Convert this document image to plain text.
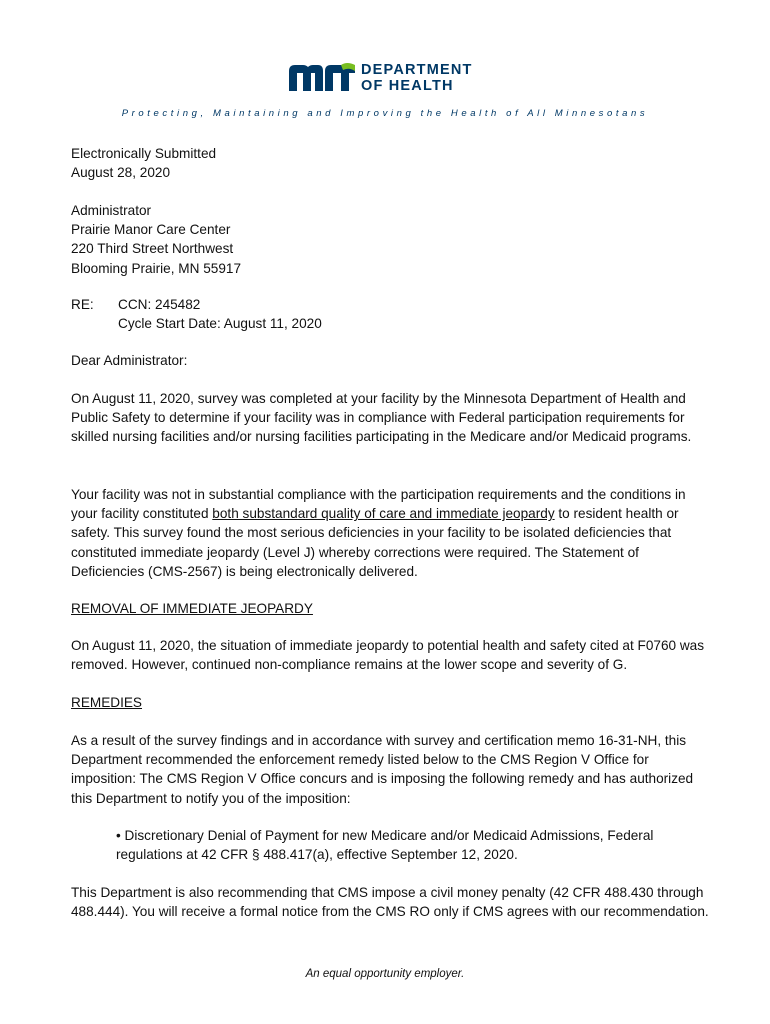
DEPARTMENT
OF HEALTH
Protecting, Maintaining and Improving the Health of All Minnesotans

Electronically Submitted

August 28, 2020

Administrator

Prairie Manor Care Center

220 Third Street Northwest

Blooming Prairie, MN 55917

RE:	CCN: 245482

Cycle Start Date: August 11, 2020

Dear Administrator:

On August 11, 2020, survey was completed at your facility by the Minnesota Department of Health and Public Safety to determine if your facility was in compliance with Federal participation requirements for skilled nursing facilities and/or nursing facilities participating in the Medicare and/or Medicaid programs.

Your facility was not in substantial compliance with the participation requirements and the conditions in your facility constituted both substandard quality of care and immediate jeopardy to resident health or safety. This survey found the most serious deficiencies in your facility to be isolated deficiencies that constituted immediate jeopardy (Level J) whereby corrections were required. The Statement of Deficiencies (CMS-2567) is being electronically delivered.

REMOVAL OF IMMEDIATE JEOPARDY

On August 11, 2020, the situation of immediate jeopardy to potential health and safety cited at F0760 was removed. However, continued non-compliance remains at the lower scope and severity of G.

REMEDIES

As a result of the survey findings and in accordance with survey and certification memo 16-31-NH, this Department recommended the enforcement remedy listed below to the CMS Region V Office for imposition: The CMS Region V Office concurs and is imposing the following remedy and has authorized this Department to notify you of the imposition:

• Discretionary Denial of Payment for new Medicare and/or Medicaid Admissions, Federal regulations at 42 CFR § 488.417(a), effective September 12, 2020.

This Department is also recommending that CMS impose a civil money penalty (42 CFR 488.430 through 488.444). You will receive a formal notice from the CMS RO only if CMS agrees with our recommendation.

An equal opportunity employer.
